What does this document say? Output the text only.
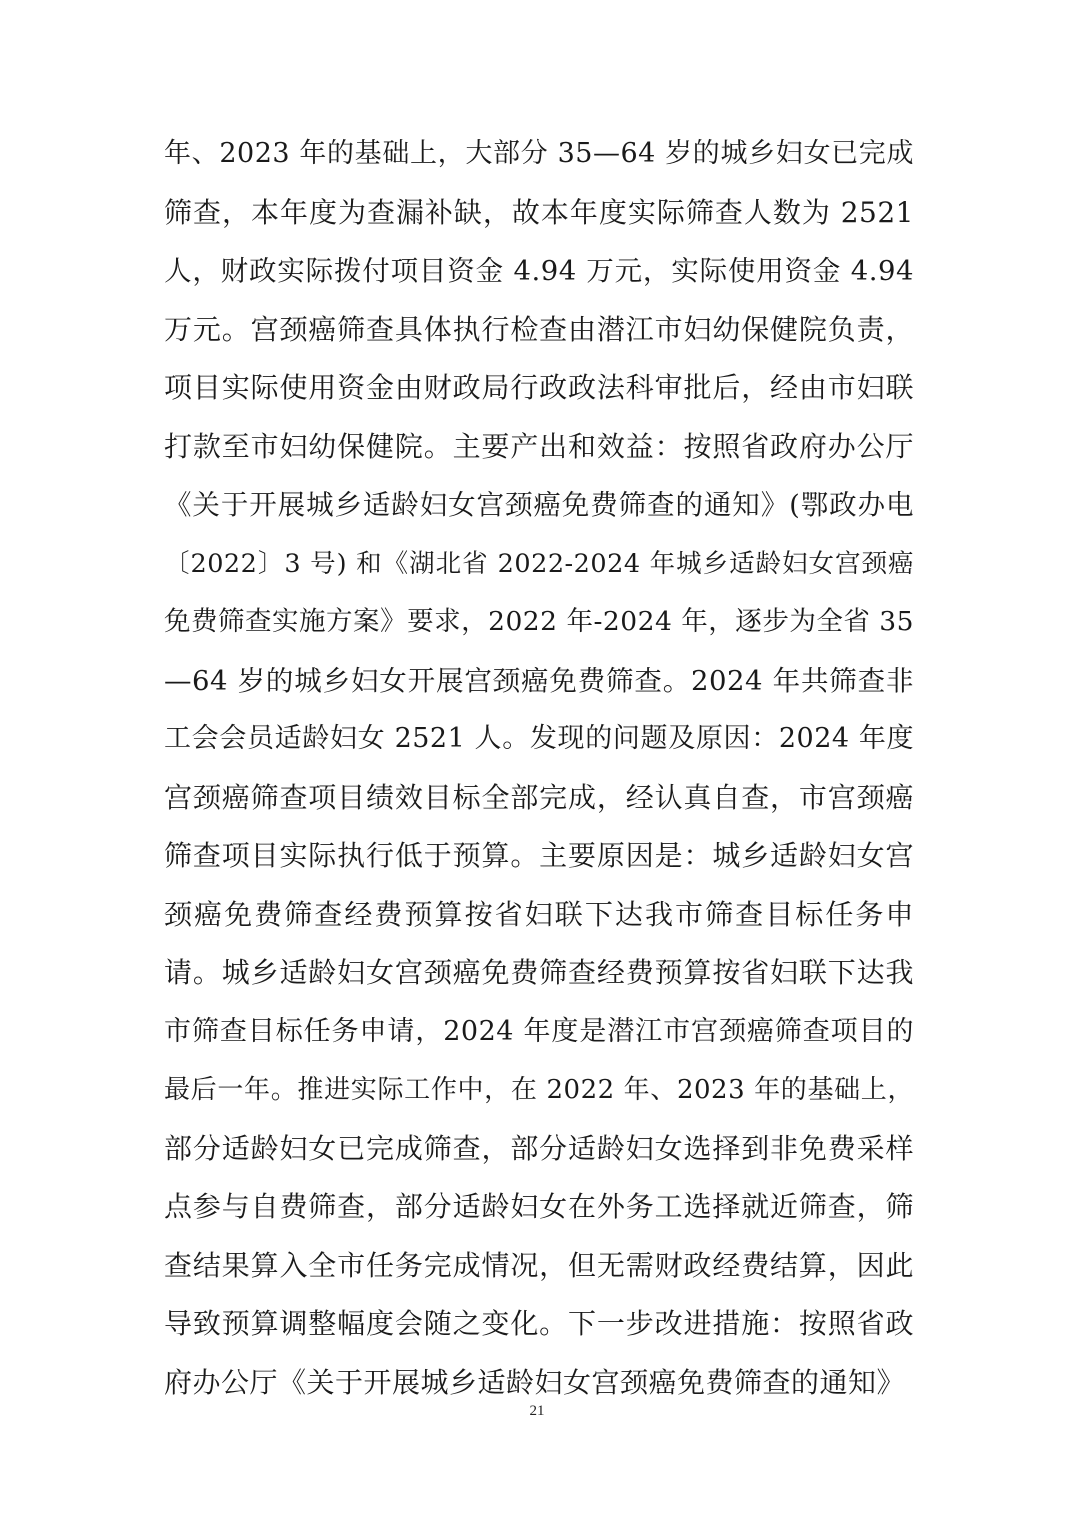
年、2023 年的基础上，大部分 35—64 岁的城乡妇女已完成
筛查，本年度为查漏补缺，故本年度实际筛查人数为 2521
人，财政实际拨付项目资金 4.94 万元，实际使用资金 4.94
万元。宫颈癌筛查具体执行检查由潜江市妇幼保健院负责，
项目实际使用资金由财政局行政政法科审批后，经由市妇联
打款至市妇幼保健院。主要产出和效益：按照省政府办公厅
《关于开展城乡适龄妇女宫颈癌免费筛查的通知》(鄂政办电
〔2022〕3 号) 和《湖北省 2022-2024 年城乡适龄妇女宫颈癌
免费筛查实施方案》要求，2022 年-2024 年，逐步为全省 35
—64 岁的城乡妇女开展宫颈癌免费筛查。2024 年共筛查非
工会会员适龄妇女 2521 人。发现的问题及原因：2024 年度
宫颈癌筛查项目绩效目标全部完成，经认真自查，市宫颈癌
筛查项目实际执行低于预算。主要原因是：城乡适龄妇女宫
颈癌免费筛查经费预算按省妇联下达我市筛查目标任务申
请。城乡适龄妇女宫颈癌免费筛查经费预算按省妇联下达我
市筛查目标任务申请，2024 年度是潜江市宫颈癌筛查项目的
最后一年。推进实际工作中，在 2022 年、2023 年的基础上，
部分适龄妇女已完成筛查，部分适龄妇女选择到非免费采样
点参与自费筛查，部分适龄妇女在外务工选择就近筛查，筛
查结果算入全市任务完成情况，但无需财政经费结算，因此
导致预算调整幅度会随之变化。下一步改进措施：按照省政
府办公厅《关于开展城乡适龄妇女宫颈癌免费筛查的通知》
21
